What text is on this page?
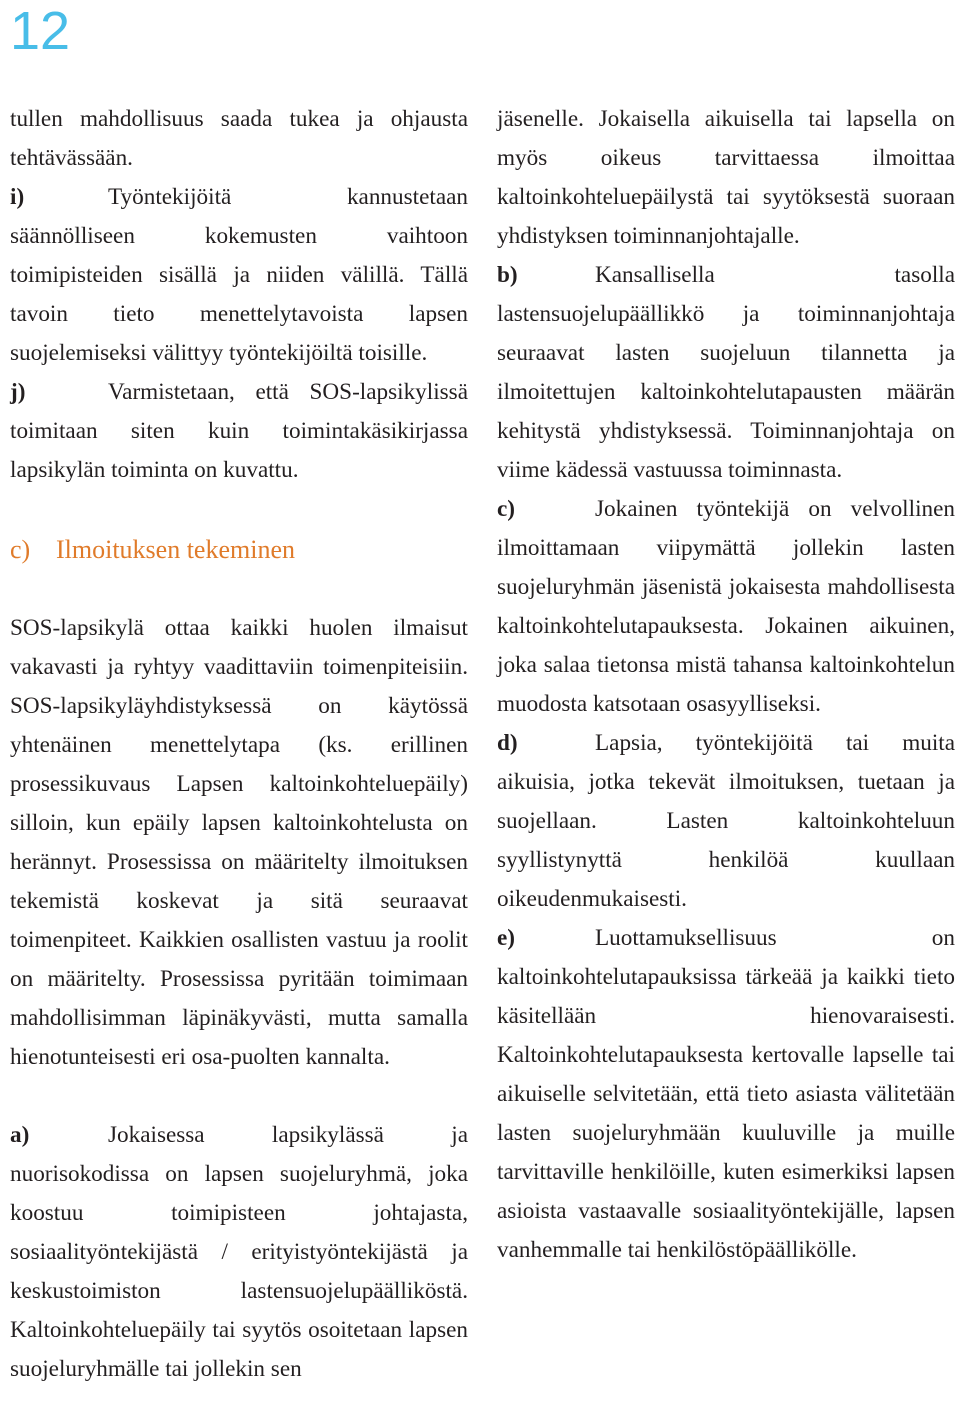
12

tullen mahdollisuus saada tukea ja ohjausta tehtävässään.

i)	Työntekijöitä kannustetaan säännölliseen kokemusten vaihtoon toimipisteiden sisällä ja niiden välillä. Tällä tavoin tieto menettelytavoista lapsen suojelemiseksi välittyy työntekijöiltä toisille.

j)	Varmistetaan, että SOS-lapsikylissä toimitaan siten kuin toimintakäsikirjassa lapsikylän toiminta on kuvattu.

c) Ilmoituksen tekeminen

SOS-lapsikylä ottaa kaikki huolen ilmaisut vakavasti ja ryhtyy vaadittaviin toimenpiteisiin. SOS-lapsikyläyhdistyksessä on käytössä yhtenäinen menettelytapa (ks. erillinen prosessikuvaus Lapsen kaltoinkohteluepäily) silloin, kun epäily lapsen kaltoinkohtelusta on herännyt. Prosessissa on määritelty ilmoituksen tekemistä koskevat ja sitä seuraavat toimenpiteet. Kaikkien osallisten vastuu ja roolit on määritelty. Prosessissa pyritään toimimaan mahdollisimman läpinäkyvästi, mutta samalla hienotunteisesti eri osa-puolten kannalta.

a)	Jokaisessa lapsikylässä ja nuorisokodissa on lapsen suojeluryhmä, joka koostuu toimipisteen johtajasta, sosiaalityöntekijästä / erityistyöntekijästä ja keskustoimiston lastensuojelupäälliköstä. Kaltoinkohteluepäily tai syytös osoitetaan lapsen suojeluryhmälle tai jollekin sen

jäsenelle. Jokaisella aikuisella tai lapsella on myös oikeus tarvittaessa ilmoittaa kaltoinkohteluepäilystä tai syytöksestä suoraan yhdistyksen toiminnanjohtajalle.

b)	Kansallisella tasolla lastensuojelupäällikkö ja toiminnanjohtaja seuraavat lasten suojeluun tilannetta ja ilmoitettujen kaltoinkohtelutapausten määrän kehitystä yhdistyksessä. Toiminnanjohtaja on viime kädessä vastuussa toiminnasta.

c)	Jokainen työntekijä on velvollinen ilmoittamaan viipymättä jollekin lasten suojeluryhmän jäsenistä jokaisesta mahdollisesta kaltoinkohtelutapauksesta. Jokainen aikuinen, joka salaa tietonsa mistä tahansa kaltoinkohtelun muodosta katsotaan osasyylliseksi.

d)	Lapsia, työntekijöitä tai muita aikuisia, jotka tekevät ilmoituksen, tuetaan ja suojellaan. Lasten kaltoinkohteluun syyllistynyttä henkilöä kuullaan oikeudenmukaisesti.

e)	Luottamuksellisuus on kaltoinkohtelutapauksissa tärkeää ja kaikki tieto käsitellään hienovaraisesti. Kaltoinkohtelutapauksesta kertovalle lapselle tai aikuiselle selvitetään, että tieto asiasta välitetään lasten suojeluryhmään kuuluville ja muille tarvittaville henkilöille, kuten esimerkiksi lapsen asioista vastaavalle sosiaalityöntekijälle, lapsen vanhemmalle tai henkilöstöpäällikölle.
